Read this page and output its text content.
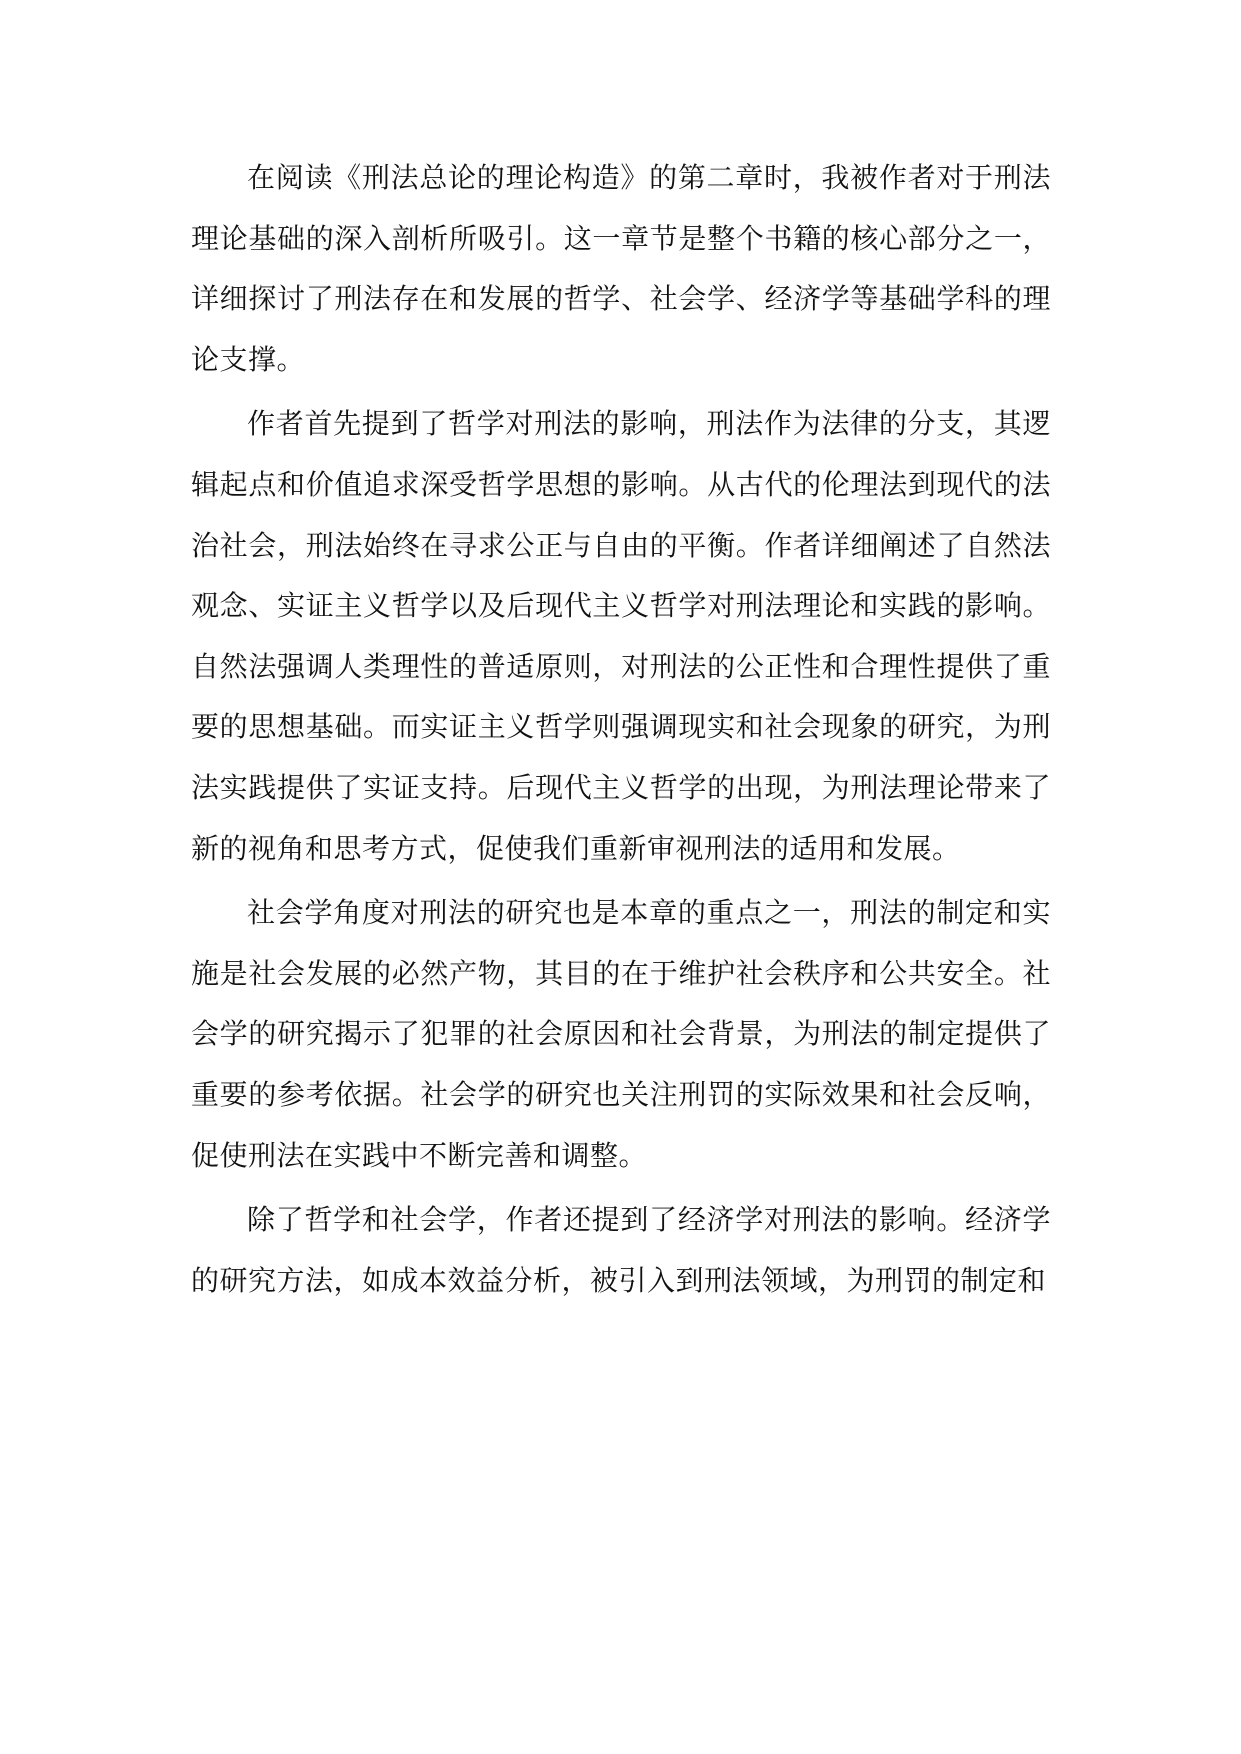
在阅读《刑法总论的理论构造》的第二章时，我被作者对于刑法理论基础的深入剖析所吸引。这一章节是整个书籍的核心部分之一，详细探讨了刑法存在和发展的哲学、社会学、经济学等基础学科的理论支撑。

作者首先提到了哲学对刑法的影响，刑法作为法律的分支，其逻辑起点和价值追求深受哲学思想的影响。从古代的伦理法到现代的法治社会，刑法始终在寻求公正与自由的平衡。作者详细阐述了自然法观念、实证主义哲学以及后现代主义哲学对刑法理论和实践的影响。自然法强调人类理性的普适原则，对刑法的公正性和合理性提供了重要的思想基础。而实证主义哲学则强调现实和社会现象的研究，为刑法实践提供了实证支持。后现代主义哲学的出现，为刑法理论带来了新的视角和思考方式，促使我们重新审视刑法的适用和发展。

社会学角度对刑法的研究也是本章的重点之一，刑法的制定和实施是社会发展的必然产物，其目的在于维护社会秩序和公共安全。社会学的研究揭示了犯罪的社会原因和社会背景，为刑法的制定提供了重要的参考依据。社会学的研究也关注刑罚的实际效果和社会反响，促使刑法在实践中不断完善和调整。

除了哲学和社会学，作者还提到了经济学对刑法的影响。经济学的研究方法，如成本效益分析，被引入到刑法领域，为刑罚的制定和
